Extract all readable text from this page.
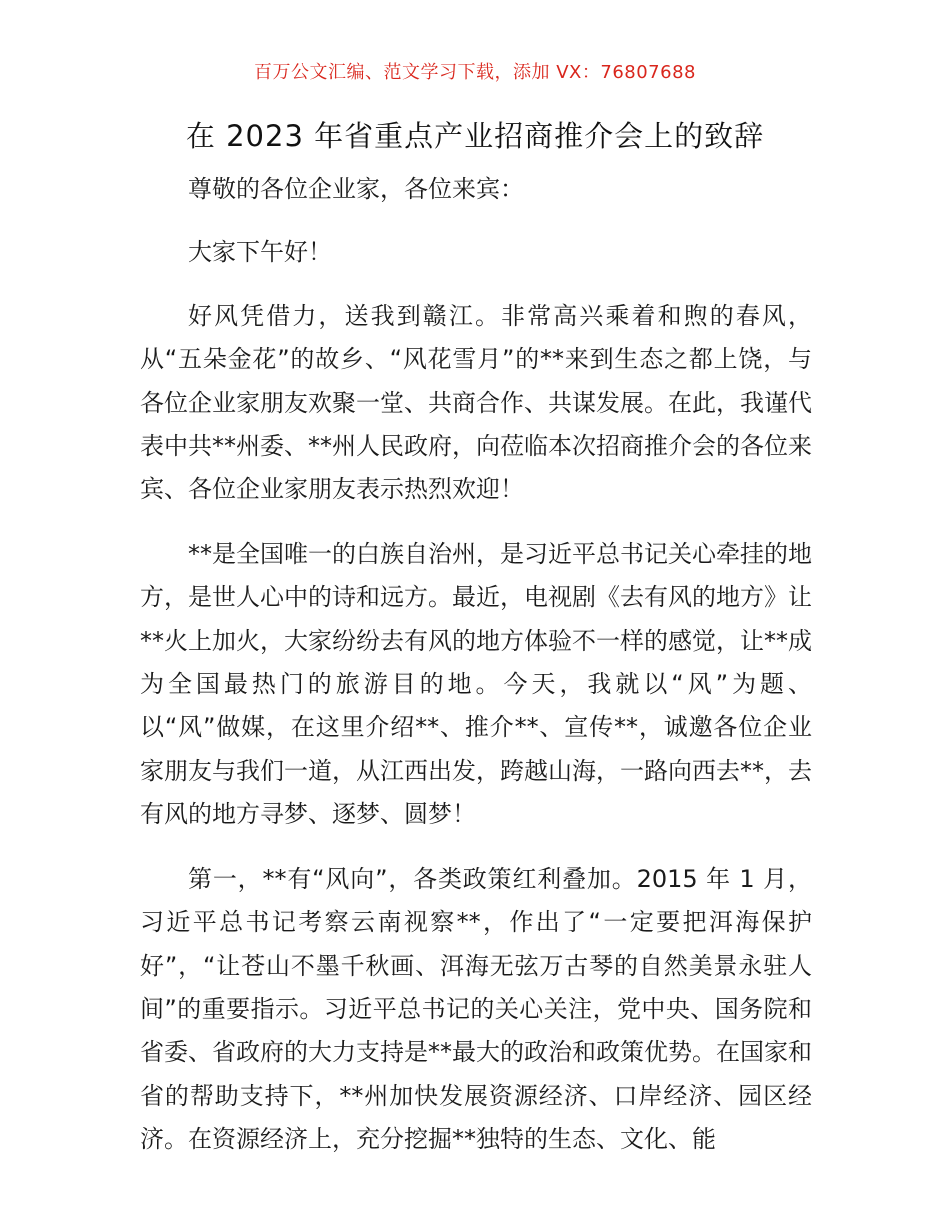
百万公文汇编、范文学习下载，添加 VX：76807688
在 2023 年省重点产业招商推介会上的致辞

尊敬的各位企业家，各位来宾：

大家下午好！

好风凭借力，送我到赣江。非常高兴乘着和煦的春风，从“五朵金花”的故乡、“风花雪月”的**来到生态之都上饶，与各位企业家朋友欢聚一堂、共商合作、共谋发展。在此，我谨代表中共**州委、**州人民政府，向莅临本次招商推介会的各位来宾、各位企业家朋友表示热烈欢迎！

**是全国唯一的白族自治州，是习近平总书记关心牵挂的地方，是世人心中的诗和远方。最近，电视剧《去有风的地方》让**火上加火，大家纷纷去有风的地方体验不一样的感觉，让**成为全国最热门的旅游目的地。今天，我就以“风”为题、以“风”做媒，在这里介绍**、推介**、宣传**，诚邀各位企业家朋友与我们一道，从江西出发，跨越山海，一路向西去**，去有风的地方寻梦、逐梦、圆梦！

第一，**有“风向”，各类政策红利叠加。2015 年 1 月，习近平总书记考察云南视察**，作出了“一定要把洱海保护好”，“让苍山不墨千秋画、洱海无弦万古琴的自然美景永驻人间”的重要指示。习近平总书记的关心关注，党中央、国务院和省委、省政府的大力支持是**最大的政治和政策优势。在国家和省的帮助支持下，**州加快发展资源经济、口岸经济、园区经济。在资源经济上，充分挖掘**独特的生态、文化、能
